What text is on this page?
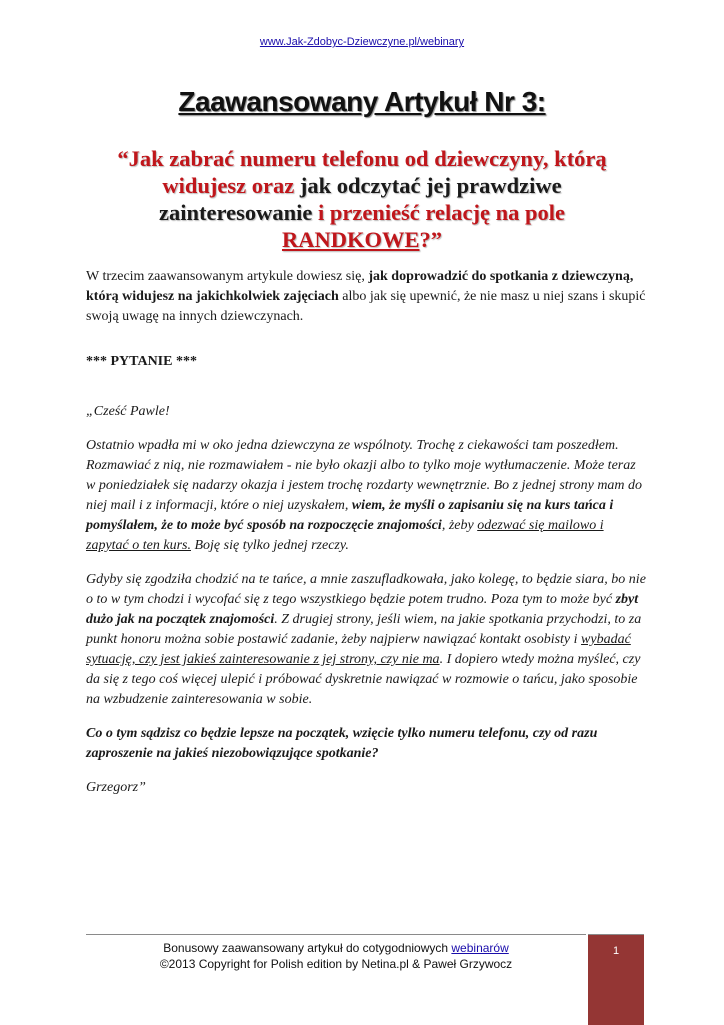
www.Jak-Zdobyc-Dziewczyne.pl/webinary
Zaawansowany Artykuł Nr 3:
“Jak zabrać numeru telefonu od dziewczyny, którą widujesz oraz jak odczytać jej prawdziwe zainteresowanie i przenieść relację na pole RANDKOWE?”
W trzecim zaawansowanym artykule dowiesz się, jak doprowadzić do spotkania z dziewczyną, którą widujesz na jakichkolwiek zajęciach albo jak się upewnić, że nie masz u niej szans i skupić swoją uwagę na innych dziewczynach.
*** PYTANIE ***

„Cześć Pawle!

Ostatnio wpadła mi w oko jedna dziewczyna ze wspólnoty. Trochę z ciekawości tam poszedłem. Rozmawiać z nią, nie rozmawiałem - nie było okazji albo to tylko moje wytłumaczenie. Może teraz w poniedziałek się nadarzy okazja i jestem trochę rozdarty wewnętrznie. Bo z jednej strony mam do niej mail i z informacji, które o niej uzyskałem, wiem, że myśli o zapisaniu się na kurs tańca i pomyślałem, że to może być sposób na rozpoczęcie znajomości, żeby odezwać się mailowo i zapytać o ten kurs. Boję się tylko jednej rzeczy.

Gdyby się zgodziła chodzić na te tańce, a mnie zaszufladkowała, jako kolegę, to będzie siara, bo nie o to w tym chodzi i wycofać się z tego wszystkiego będzie potem trudno. Poza tym to może być zbyt dużo jak na początek znajomości. Z drugiej strony, jeśli wiem, na jakie spotkania przychodzi, to za punkt honoru można sobie postawić zadanie, żeby najpierw nawiązać kontakt osobisty i wybadać sytuację, czy jest jakieś zainteresowanie z jej strony, czy nie ma. I dopiero wtedy można myśleć, czy da się z tego coś więcej ulepić i próbować dyskretnie nawiązać w rozmowie o tańcu, jako sposobie na wzbudzenie zainteresowania w sobie.

Co o tym sądzisz co będzie lepsze na początek, wzięcie tylko numeru telefonu, czy od razu zaproszenie na jakieś niezobowiązujące spotkanie?

Grzegorz”

Bonusowy zaawansowany artykuł do cotygodniowych webinarów
©2013 Copyright for Polish edition by Netina.pl & Paweł Grzywocz
1
